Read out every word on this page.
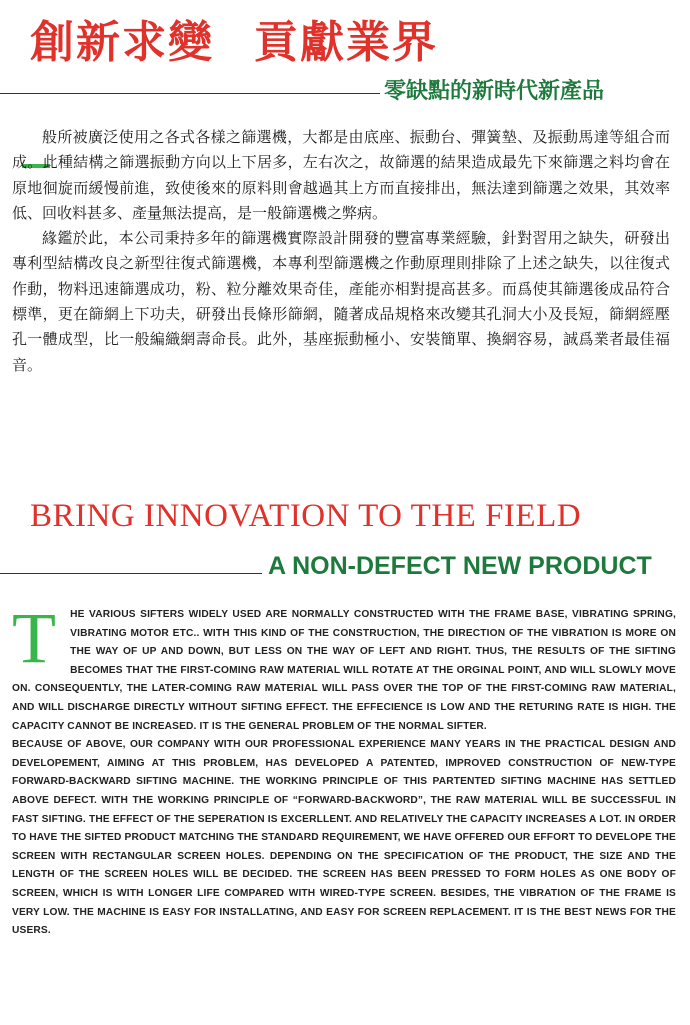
創新求變 貢獻業界
零缺點的新時代新產品

般所被廣泛使用之各式各樣之篩選機，大都是由底座、振動台、彈簧墊、及振動馬達等組合而成。此種結構之篩選振動方向以上下居多，左右次之，故篩選的結果造成最先下來篩選之料均會在原地徊旋而緩慢前進，致使後來的原料則會越過其上方而直接排出，無法達到篩選之效果，其效率低、回收料甚多、產量無法提高，是一般篩選機之弊病。

緣鑑於此，本公司秉持多年的篩選機實際設計開發的豐富專業經驗，針對習用之缺失，研發出專利型結構改良之新型往復式篩選機，本專利型篩選機之作動原理則排除了上述之缺失，以往復式作動，物料迅速篩選成功，粉、粒分離效果奇佳，產能亦相對提高甚多。而爲使其篩選後成品符合標準，更在篩網上下功夫，研發出長條形篩網，隨著成品規格來改變其孔洞大小及長短，篩網經壓孔一體成型，比一般編織網壽命長。此外，基座振動極小、安裝簡單、換網容易，誠爲業者最佳福音。

BRING INNOVATION TO THE FIELD
A NON-DEFECT NEW PRODUCT

T HE VARIOUS SIFTERS WIDELY USED ARE NORMALLY CONSTRUCTED WITH THE FRAME BASE, VIBRATING SPRING, VIBRATING MOTOR ETC.. WITH THIS KIND OF THE CONSTRUCTION, THE DIRECTION OF THE VIBRATION IS MORE ON THE WAY OF UP AND DOWN, BUT LESS ON THE WAY OF LEFT AND RIGHT. THUS, THE RESULTS OF THE SIFTING BECOMES THAT THE FIRST-COMING RAW MATERIAL WILL ROTATE AT THE ORGINAL POINT, AND WILL SLOWLY MOVE ON. CONSEQUENTLY, THE LATER-COMING RAW MATERIAL WILL PASS OVER THE TOP OF THE FIRST-COMING RAW MATERIAL, AND WILL DISCHARGE DIRECTLY WITHOUT SIFTING EFFECT. THE EFFECIENCE IS LOW AND THE RETURING RATE IS HIGH. THE CAPACITY CANNOT BE INCREASED. IT IS THE GENERAL PROBLEM OF THE NORMAL SIFTER.

BECAUSE OF ABOVE, OUR COMPANY WITH OUR PROFESSIONAL EXPERIENCE MANY YEARS IN THE PRACTICAL DESIGN AND DEVELOPEMENT, AIMING AT THIS PROBLEM, HAS DEVELOPED A PATENTED, IMPROVED CONSTRUCTION OF NEW-TYPE FORWARD-BACKWARD SIFTING MACHINE. THE WORKING PRINCIPLE OF THIS PARTENTED SIFTING MACHINE HAS SETTLED ABOVE DEFECT. WITH THE WORKING PRINCIPLE OF “FORWARD-BACKWORD”, THE RAW MATERIAL WILL BE SUCCESSFUL IN FAST SIFTING. THE EFFECT OF THE SEPERATION IS EXCERLLENT. AND RELATIVELY THE CAPACITY INCREASES A LOT. IN ORDER TO HAVE THE SIFTED PRODUCT MATCHING THE STANDARD REQUIREMENT, WE HAVE OFFERED OUR EFFORT TO DEVELOPE THE SCREEN WITH RECTANGULAR SCREEN HOLES. DEPENDING ON THE SPECIFICATION OF THE PRODUCT, THE SIZE AND THE LENGTH OF THE SCREEN HOLES WILL BE DECIDED. THE SCREEN HAS BEEN PRESSED TO FORM HOLES AS ONE BODY OF SCREEN, WHICH IS WITH LONGER LIFE COMPARED WITH WIRED-TYPE SCREEN. BESIDES, THE VIBRATION OF THE FRAME IS VERY LOW. THE MACHINE IS EASY FOR INSTALLATING, AND EASY FOR SCREEN REPLACEMENT. IT IS THE BEST NEWS FOR THE USERS.
